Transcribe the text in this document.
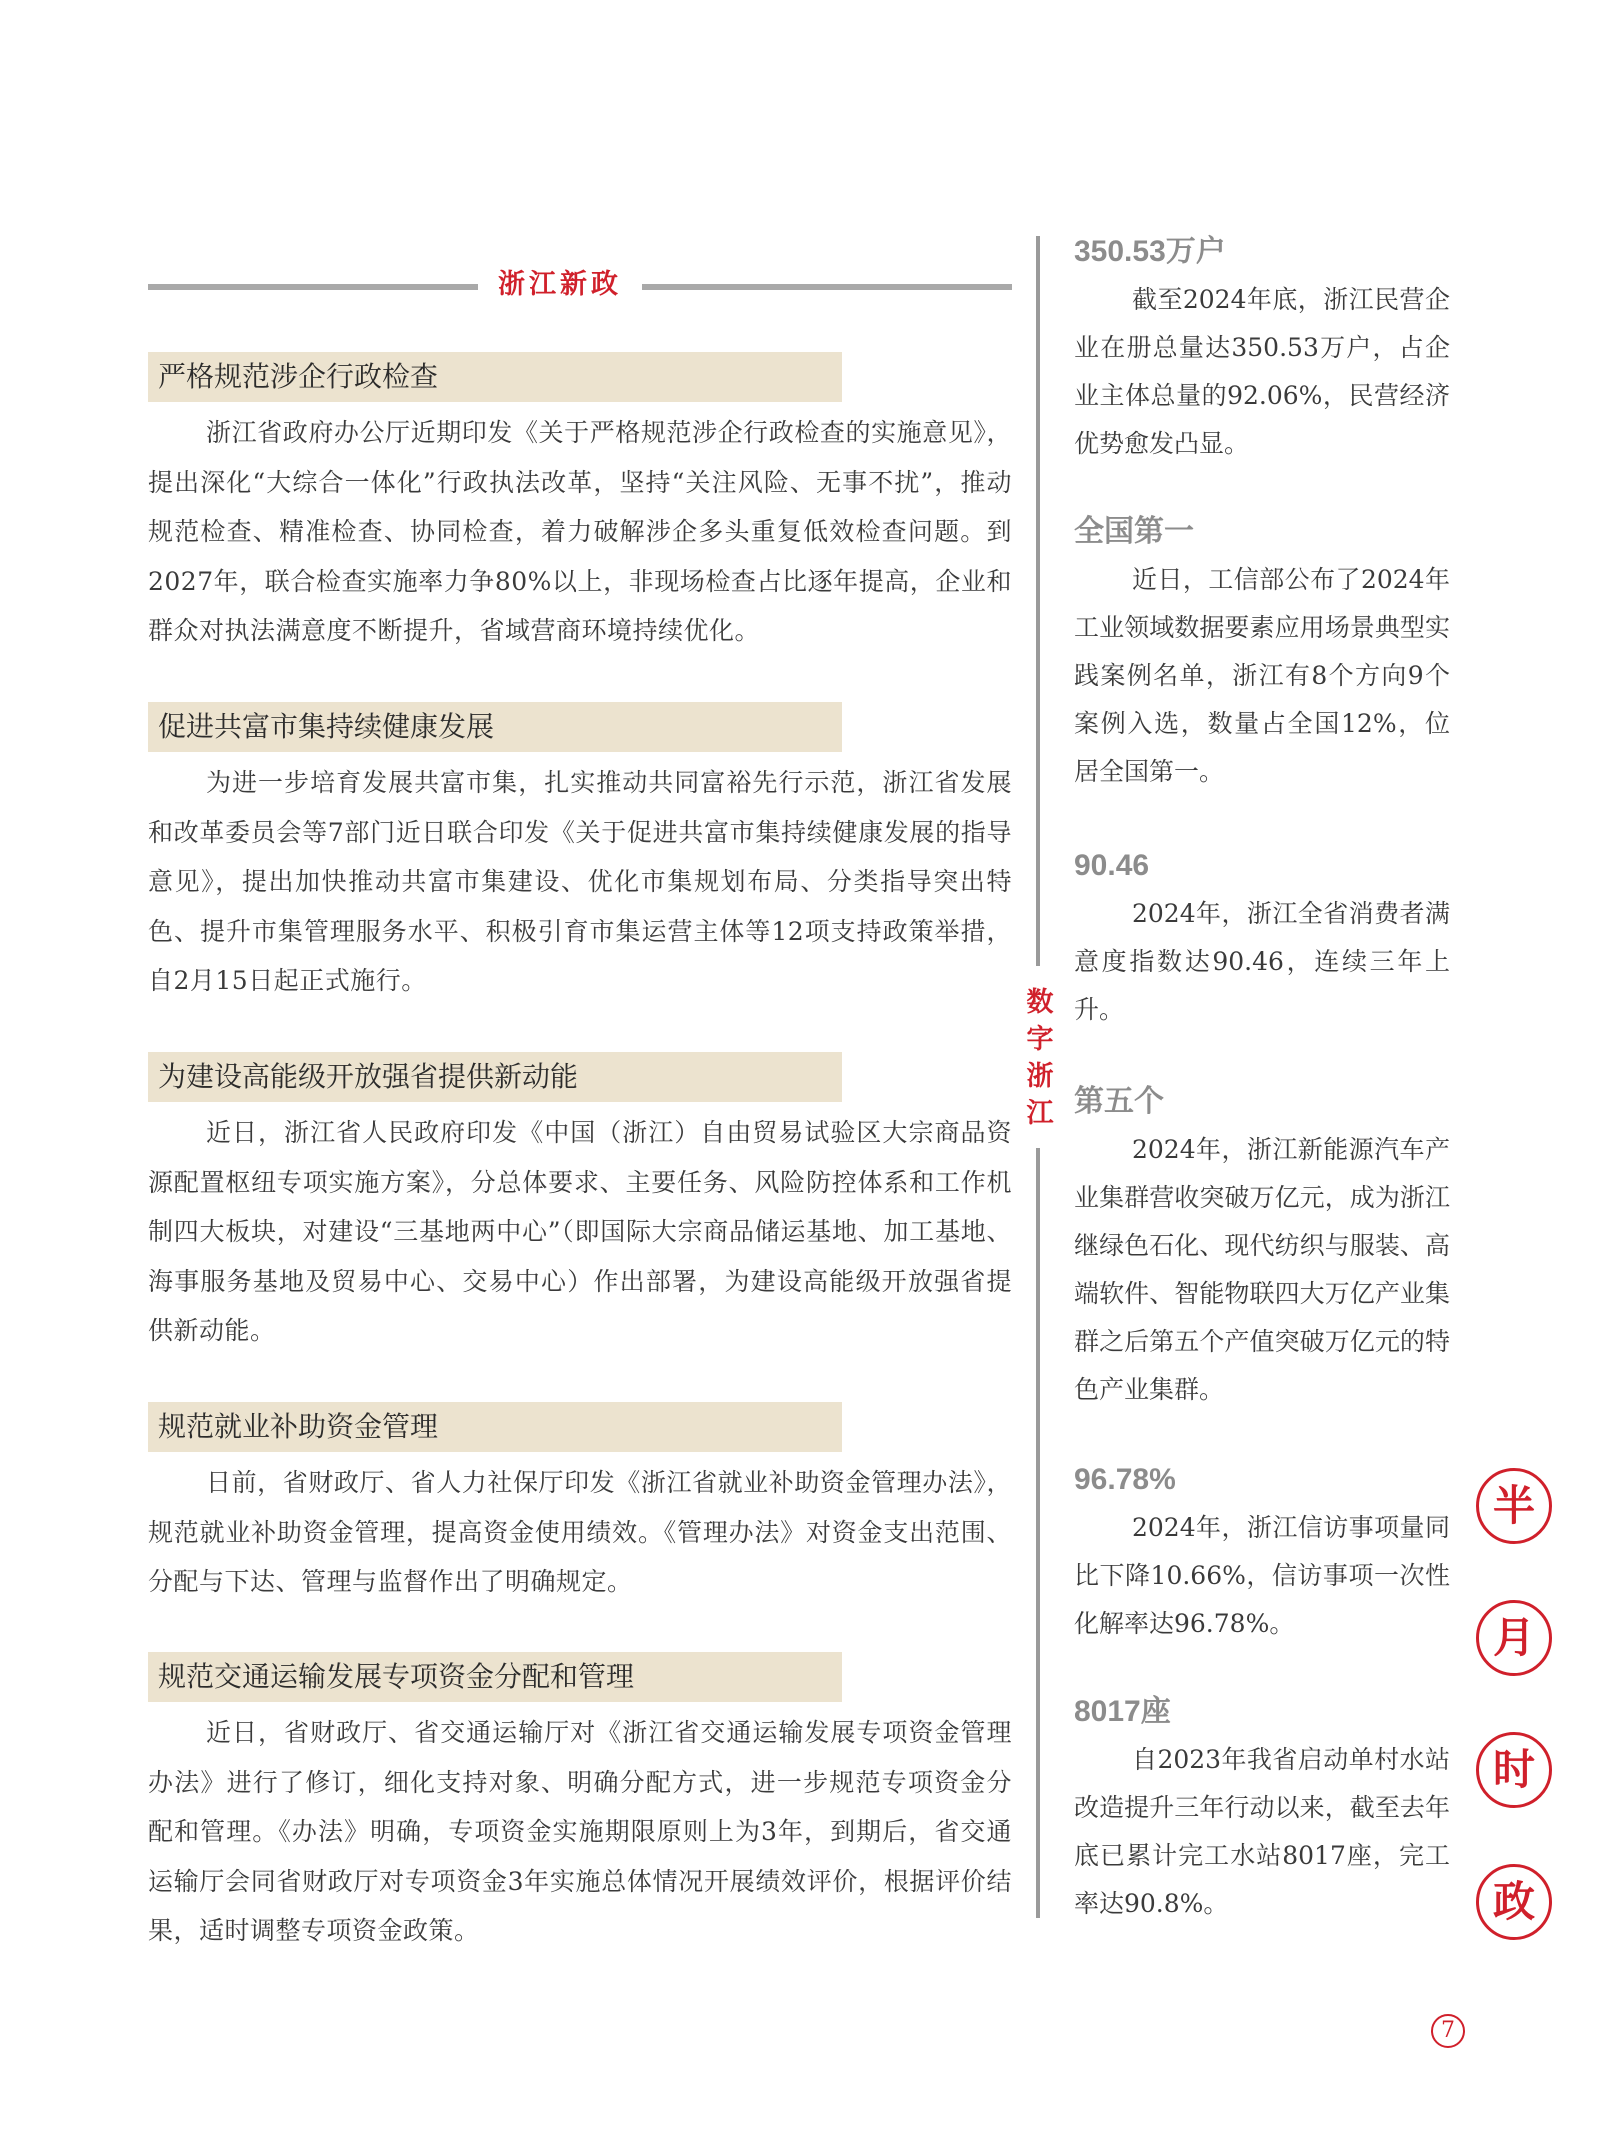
浙江新政
严格规范涉企行政检查
浙江省政府办公厅近期印发《关于严格规范涉企行政检查的实施意见》，提出深化“大综合一体化”行政执法改革，坚持“关注风险、无事不扰”，推动规范检查、精准检查、协同检查，着力破解涉企多头重复低效检查问题。到2027年，联合检查实施率力争80%以上，非现场检查占比逐年提高，企业和群众对执法满意度不断提升，省域营商环境持续优化。
促进共富市集持续健康发展
为进一步培育发展共富市集，扎实推动共同富裕先行示范，浙江省发展和改革委员会等7部门近日联合印发《关于促进共富市集持续健康发展的指导意见》，提出加快推动共富市集建设、优化市集规划布局、分类指导突出特色、提升市集管理服务水平、积极引育市集运营主体等12项支持政策举措，自2月15日起正式施行。
为建设高能级开放强省提供新动能
近日，浙江省人民政府印发《中国（浙江）自由贸易试验区大宗商品资源配置枢纽专项实施方案》，分总体要求、主要任务、风险防控体系和工作机制四大板块，对建设“三基地两中心”（即国际大宗商品储运基地、加工基地、海事服务基地及贸易中心、交易中心）作出部署，为建设高能级开放强省提供新动能。
规范就业补助资金管理
日前，省财政厅、省人力社保厅印发《浙江省就业补助资金管理办法》，规范就业补助资金管理，提高资金使用绩效。《管理办法》对资金支出范围、分配与下达、管理与监督作出了明确规定。
规范交通运输发展专项资金分配和管理
近日，省财政厅、省交通运输厅对《浙江省交通运输发展专项资金管理办法》进行了修订，细化支持对象、明确分配方式，进一步规范专项资金分配和管理。《办法》明确，专项资金实施期限原则上为3年，到期后，省交通运输厅会同省财政厅对专项资金3年实施总体情况开展绩效评价，根据评价结果，适时调整专项资金政策。
数字浙江
350.53万户
截至2024年底，浙江民营企业在册总量达350.53万户，占企业主体总量的92.06%，民营经济优势愈发凸显。
全国第一
近日，工信部公布了2024年工业领域数据要素应用场景典型实践案例名单，浙江有8个方向9个案例入选，数量占全国12%，位居全国第一。
90.46
2024年，浙江全省消费者满意度指数达90.46，连续三年上升。
第五个
2024年，浙江新能源汽车产业集群营收突破万亿元，成为浙江继绿色石化、现代纺织与服装、高端软件、智能物联四大万亿产业集群之后第五个产值突破万亿元的特色产业集群。
96.78%
2024年，浙江信访事项量同比下降10.66%，信访事项一次性化解率达96.78%。
8017座
自2023年我省启动单村水站改造提升三年行动以来，截至去年底已累计完工水站8017座，完工率达90.8%。
半
月
时
政
7
